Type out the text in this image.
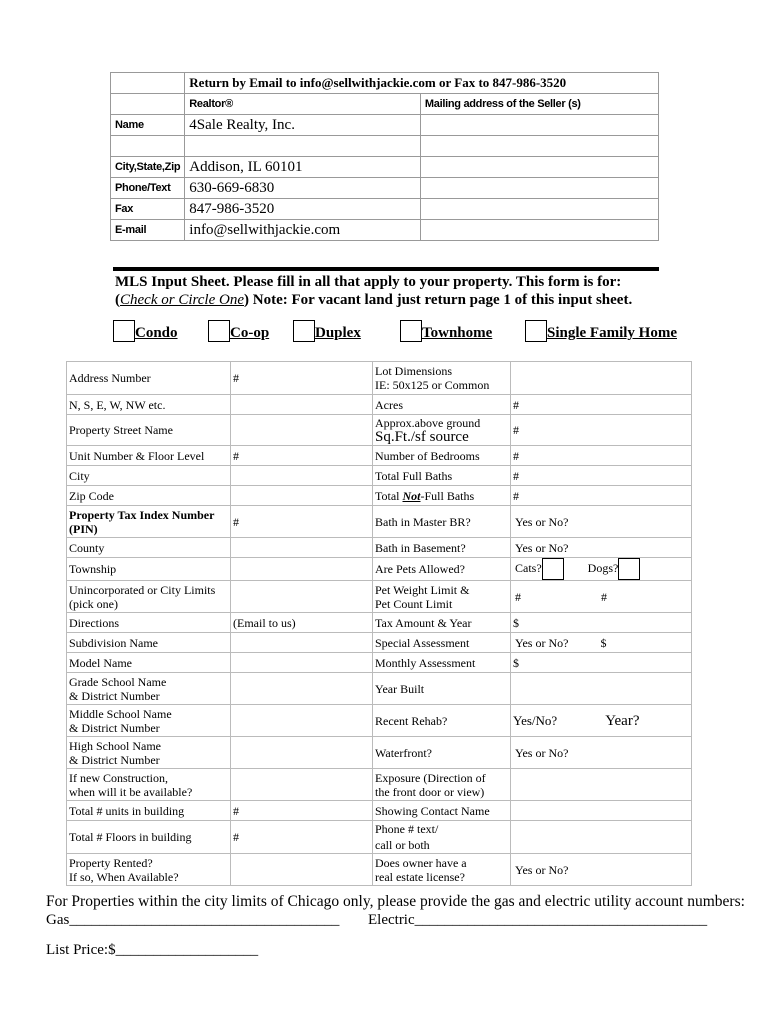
	Return by Email to info@sellwithjackie.com or Fax to 847-986-3520	
	Realtor®	Mailing address of the Seller (s)
Name	4Sale Realty, Inc.	

City,State,Zip	Addison, IL 60101	
Phone/Text	630-669-6830	
Fax	847-986-3520	
E-mail	info@sellwithjackie.com	
MLS Input Sheet. Please fill in all that apply to your property. This form is for:
(Check or Circle One) Note: For vacant land just return page 1 of this input sheet.
Condo	Co-op	Duplex	Townhome	Single Family Home
Address Number	#	Lot Dimensions
IE: 50x125 or Common	
N, S, E, W, NW etc.		Acres	#
Property Street Name		Approx.above ground
Sq.Ft./sf source	#
Unit Number & Floor Level	#	Number of Bedrooms	#
City		Total Full Baths	#
Zip Code		Total Not-Full Baths	#
Property Tax Index Number (PIN)	#	Bath in Master BR?	Yes or No?
County		Bath in Basement?	Yes or No?
Township		Are Pets Allowed?	Cats? Dogs?
Unincorporated or City Limits
(pick one)		Pet Weight Limit &
Pet Count Limit	# #
Directions	(Email to us)	Tax Amount & Year	$
Subdivision Name		Special Assessment	Yes or No? $
Model Name		Monthly Assessment	$
Grade School Name
& District Number		Year Built	
Middle School Name
& District Number		Recent Rehab?	Yes/No? Year?
High School Name
& District Number		Waterfront?	Yes or No?
If new Construction,
when will it be available?		Exposure (Direction of
the front door or view)	
Total # units in building	#	Showing Contact Name	
Total # Floors in building	#	Phone # text/
call or both	
Property Rented?
If so, When Available?		Does owner have a
real estate license?	Yes or No?
For Properties within the city limits of Chicago only, please provide the gas and electric utility account numbers:
Gas____________________________________ Electric_______________________________________
List Price:$___________________
